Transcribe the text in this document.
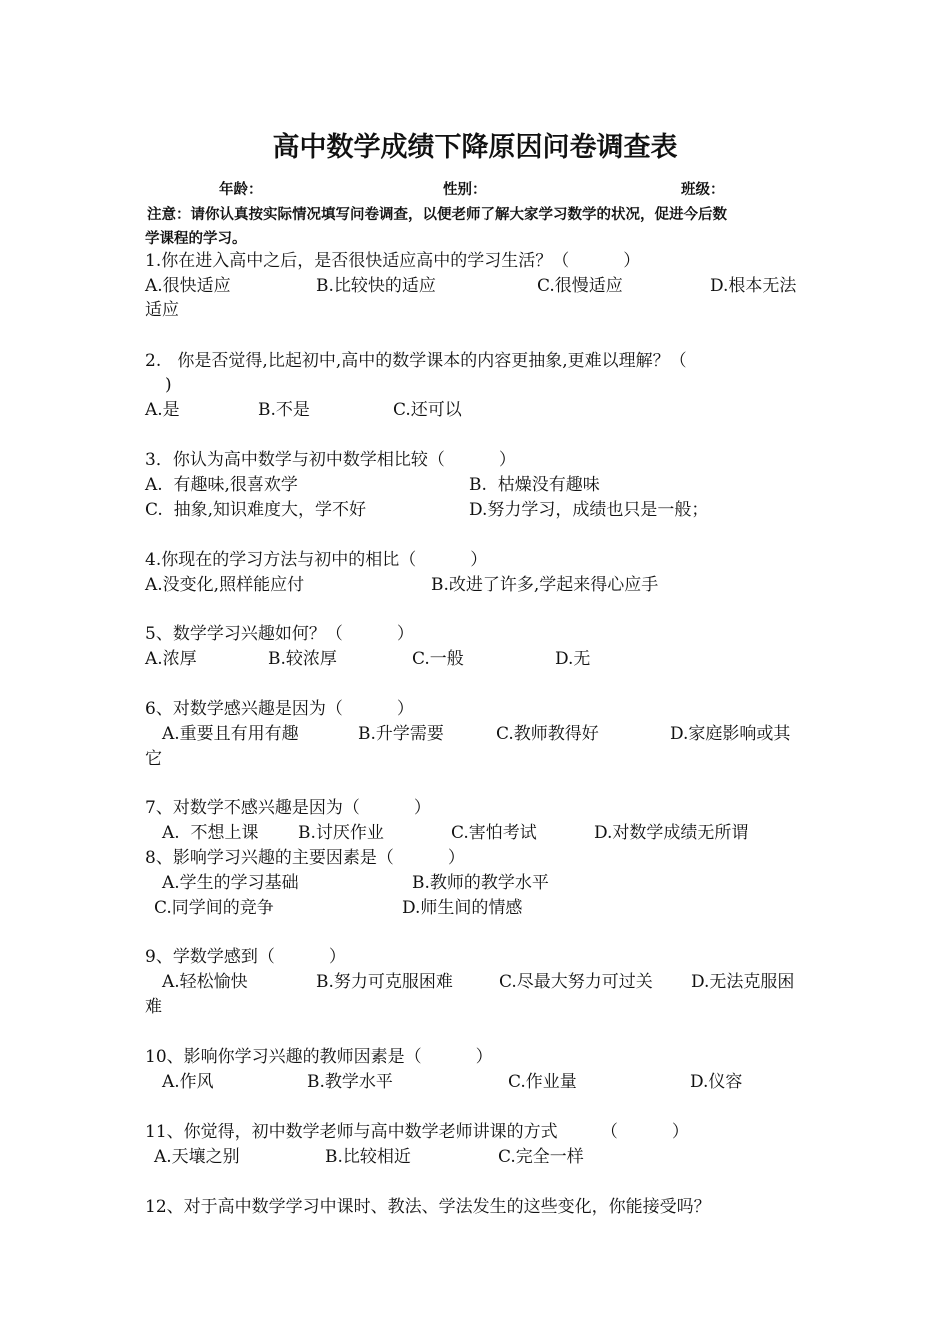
高中数学成绩下降原因问卷调查表
年龄：	性别：	班级：
注意：请你认真按实际情况填写问卷调查，以便老师了解大家学习数学的状况，促进今后数
学课程的学习。
1.你在进入高中之后，是否很快适应高中的学习生活？（          ）
A.很快适应	B.比较快的适应	C.很慢适应	D.根本无法
适应
2.   你是否觉得,比起初中,高中的数学课本的内容更抽象,更难以理解？（
)
A.是	B.不是	C.还可以
3．你认为高中数学与初中数学相比较（          ）
A.  有趣味,很喜欢学	B.  枯燥没有趣味
C.  抽象,知识难度大，学不好	D.努力学习，成绩也只是一般；
4.你现在的学习方法与初中的相比（          ）
A.没变化,照样能应付	B.改进了许多,学起来得心应手
5、数学学习兴趣如何？（          ）
A.浓厚	B.较浓厚	C.一般	D.无
6、对数学感兴趣是因为（          ）
A.重要且有用有趣	B.升学需要	C.教师教得好	D.家庭影响或其
它
7、对数学不感兴趣是因为（          ）
A.  不想上课 B.讨厌作业	C.害怕考试	D.对数学成绩无所谓
8、影响学习兴趣的主要因素是（          ）
A.学生的学习基础	B.教师的教学水平
C.同学间的竞争	D.师生间的情感
9、学数学感到（          ）
A.轻松愉快	B.努力可克服困难	C.尽最大努力可过关 D.无法克服困
难
10、影响你学习兴趣的教师因素是（          ）
A.作风	B.教学水平	C.作业量	D.仪容
11、你觉得，初中数学老师与高中数学老师讲课的方式        （          ）
A.天壤之别	B.比较相近	C.完全一样
12、对于高中数学学习中课时、教法、学法发生的这些变化，你能接受吗？
